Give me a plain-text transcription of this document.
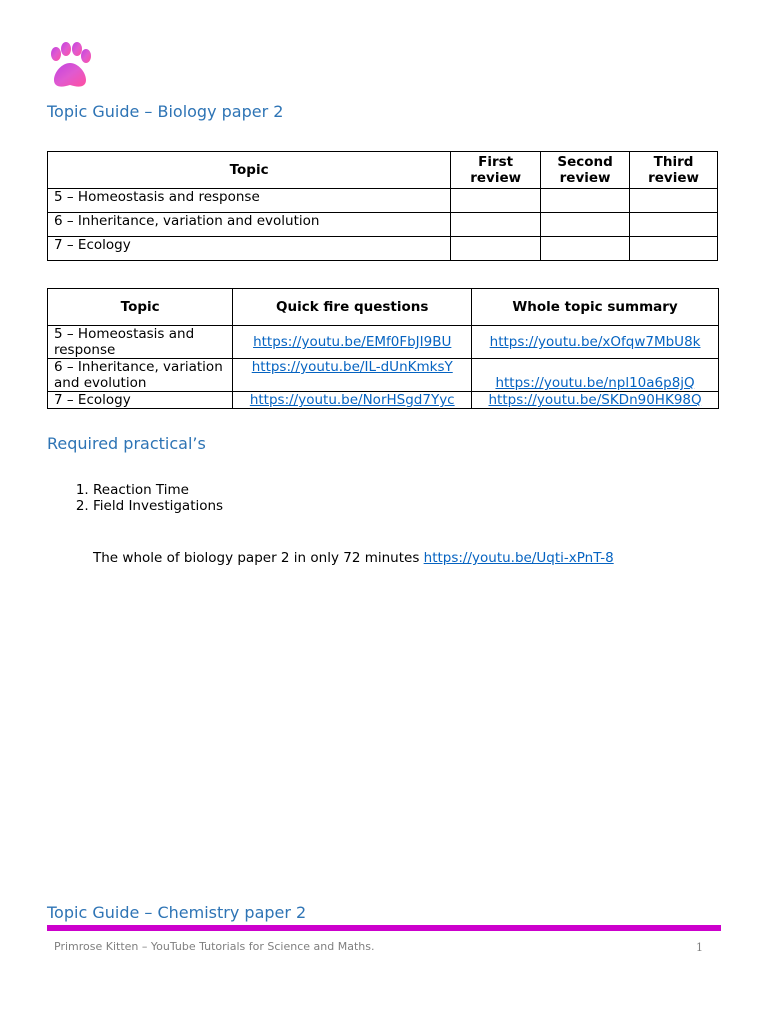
Topic Guide – Biology paper 2
Topic	First review	Second review	Third review
5 – Homeostasis and response			
6 – Inheritance, variation and evolution			
7 – Ecology			
Topic	Quick fire questions	Whole topic summary
5 – Homeostasis and response	https://youtu.be/EMf0FbJI9BU	https://youtu.be/xOfqw7MbU8k
6 – Inheritance, variation and evolution	https://youtu.be/IL-dUnKmksY	https://youtu.be/npl10a6p8jQ
7 – Ecology	https://youtu.be/NorHSgd7Yyc	https://youtu.be/SKDn90HK98Q
Required practical’s
1. Reaction Time
2. Field Investigations

The whole of biology paper 2 in only 72 minutes https://youtu.be/Uqti-xPnT-8

Topic Guide – Chemistry paper 2
Primrose Kitten – YouTube Tutorials for Science and Maths.	1
